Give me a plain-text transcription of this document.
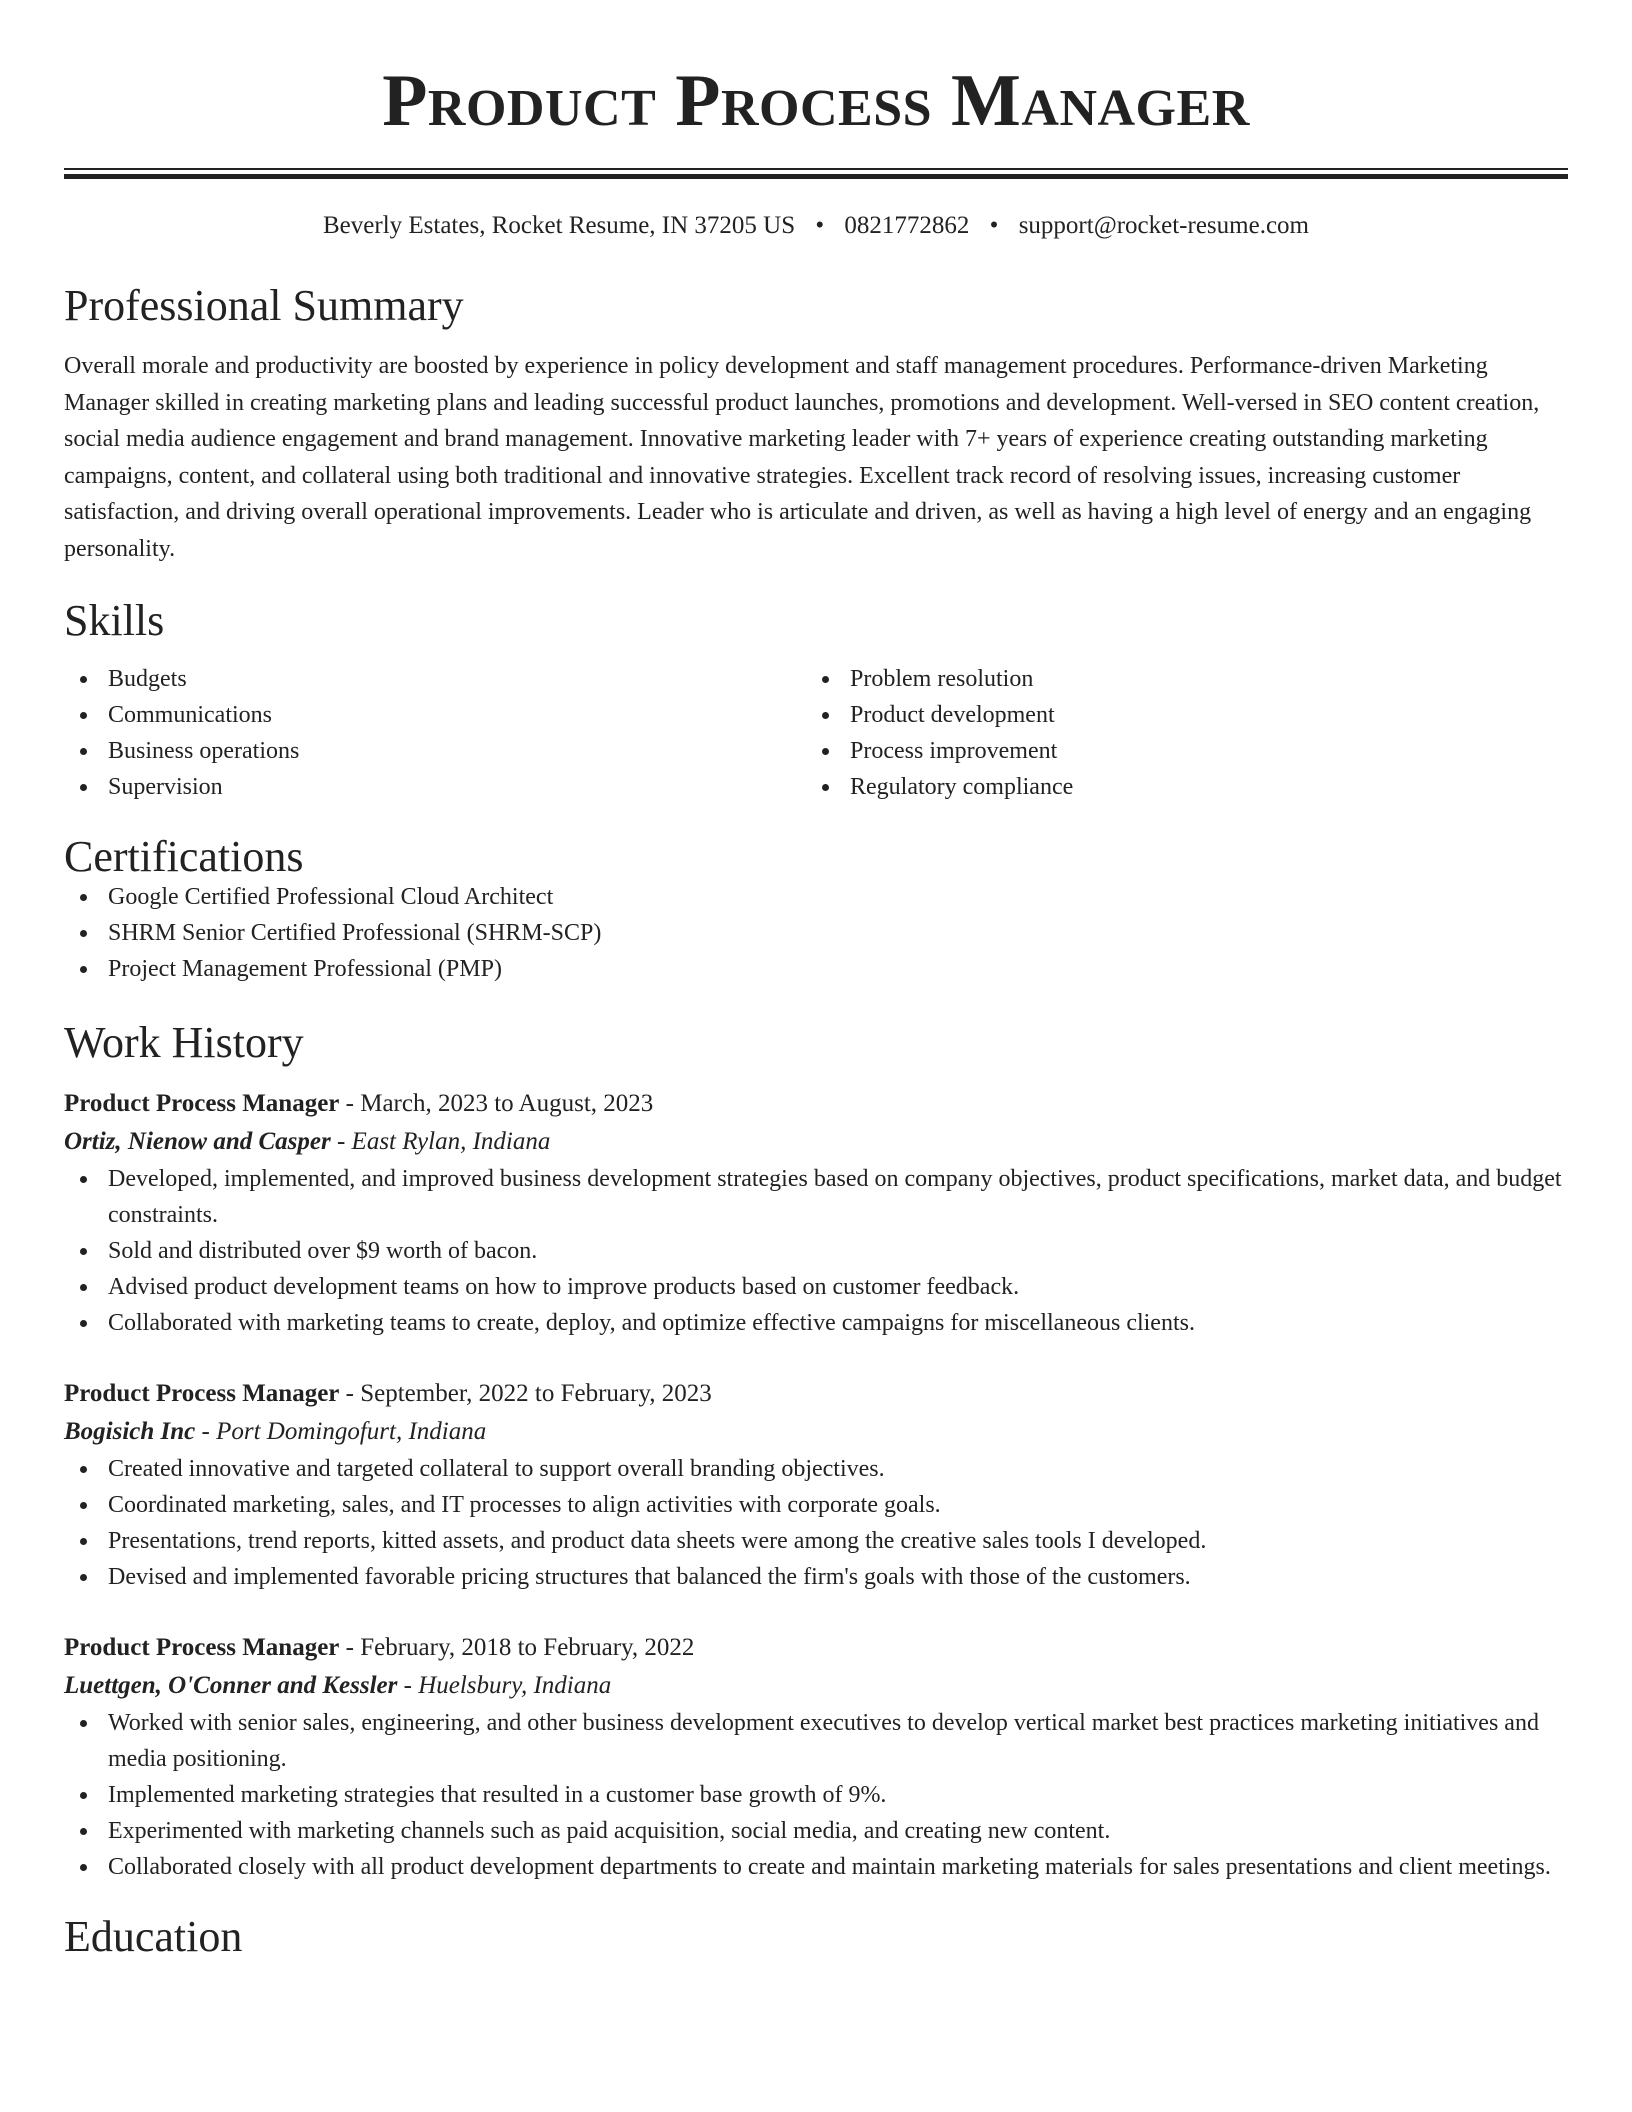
Product Process Manager
Beverly Estates, Rocket Resume, IN 37205 US • 0821772862 • support@rocket-resume.com
Professional Summary

Overall morale and productivity are boosted by experience in policy development and staff management procedures. Performance-driven Marketing Manager skilled in creating marketing plans and leading successful product launches, promotions and development. Well-versed in SEO content creation, social media audience engagement and brand management. Innovative marketing leader with 7+ years of experience creating outstanding marketing campaigns, content, and collateral using both traditional and innovative strategies. Excellent track record of resolving issues, increasing customer satisfaction, and driving overall operational improvements. Leader who is articulate and driven, as well as having a high level of energy and an engaging personality.

Skills
Budgets
Communications
Business operations
Supervision
Problem resolution
Product development
Process improvement
Regulatory compliance
Certifications
Google Certified Professional Cloud Architect
SHRM Senior Certified Professional (SHRM-SCP)
Project Management Professional (PMP)
Work History
Product Process Manager - March, 2023 to August, 2023
Ortiz, Nienow and Casper - East Rylan, Indiana
Developed, implemented, and improved business development strategies based on company objectives, product specifications, market data, and budget constraints.
Sold and distributed over $9 worth of bacon.
Advised product development teams on how to improve products based on customer feedback.
Collaborated with marketing teams to create, deploy, and optimize effective campaigns for miscellaneous clients.
Product Process Manager - September, 2022 to February, 2023
Bogisich Inc - Port Domingofurt, Indiana
Created innovative and targeted collateral to support overall branding objectives.
Coordinated marketing, sales, and IT processes to align activities with corporate goals.
Presentations, trend reports, kitted assets, and product data sheets were among the creative sales tools I developed.
Devised and implemented favorable pricing structures that balanced the firm's goals with those of the customers.
Product Process Manager - February, 2018 to February, 2022
Luettgen, O'Conner and Kessler - Huelsbury, Indiana
Worked with senior sales, engineering, and other business development executives to develop vertical market best practices marketing initiatives and media positioning.
Implemented marketing strategies that resulted in a customer base growth of 9%.
Experimented with marketing channels such as paid acquisition, social media, and creating new content.
Collaborated closely with all product development departments to create and maintain marketing materials for sales presentations and client meetings.
Education
